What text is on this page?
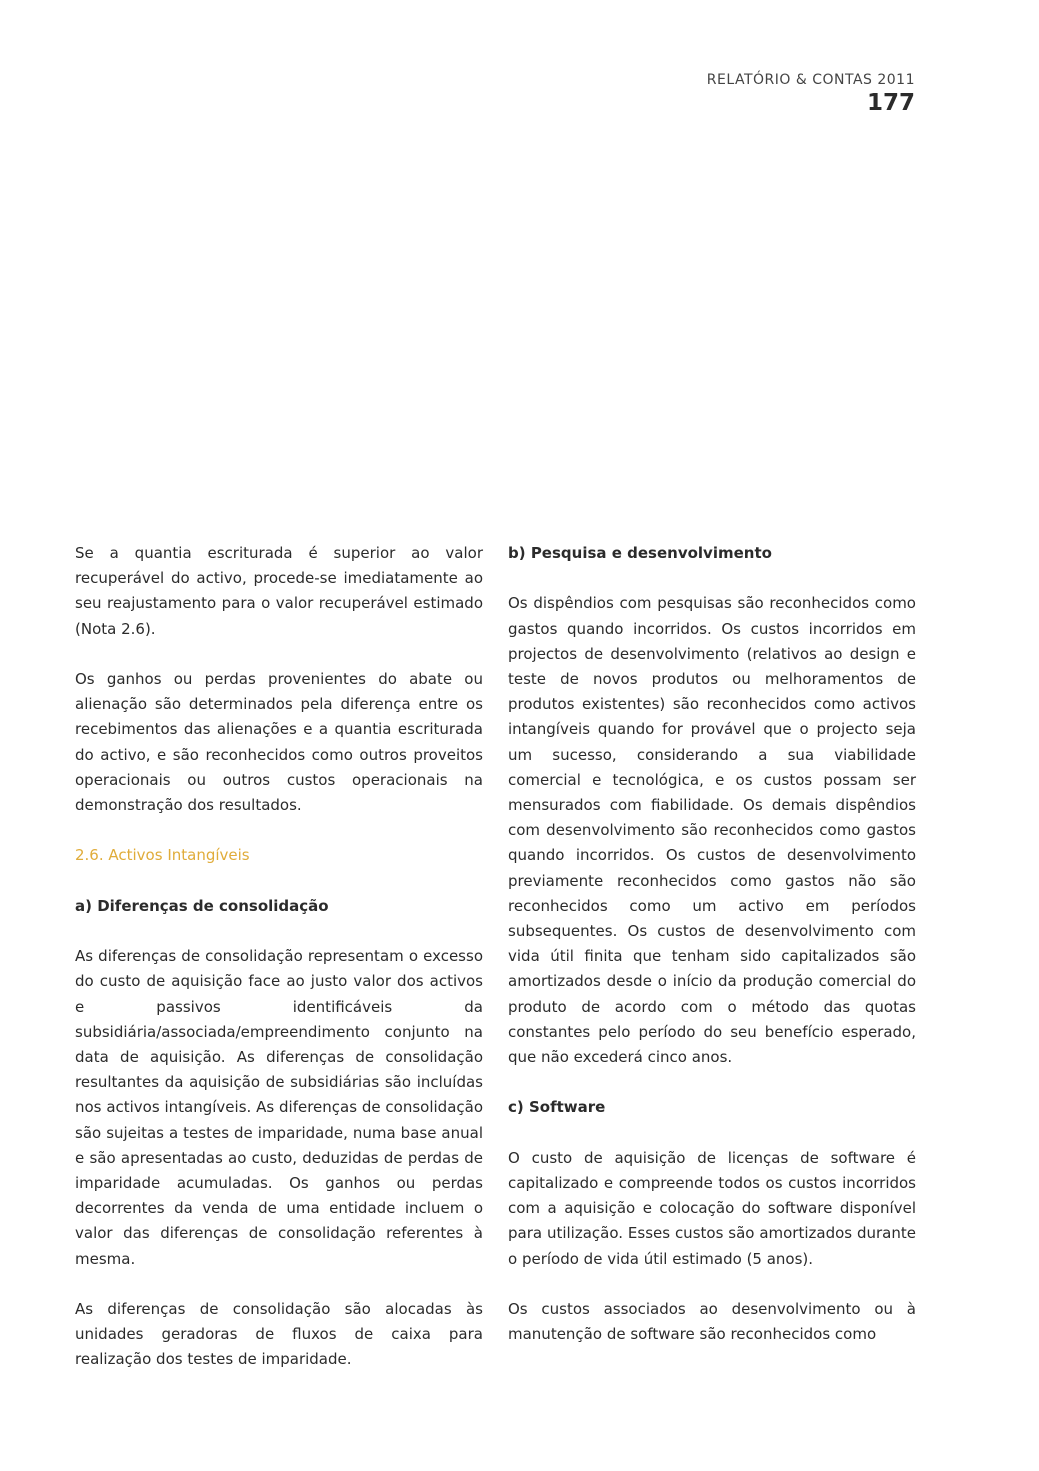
RELATÓRIO & CONTAS 2011
177

Se a quantia escriturada é superior ao valor recuperável do activo, procede-se imediatamente ao seu reajustamento para o valor recuperável estimado (Nota 2.6).

Os ganhos ou perdas provenientes do abate ou alienação são determinados pela diferença entre os recebimentos das alienações e a quantia escriturada do activo, e são reconhecidos como outros proveitos operacionais ou outros custos operacionais na demonstração dos resultados.

2.6. Activos Intangíveis
a) Diferenças de consolidação

As diferenças de consolidação representam o excesso do custo de aquisição face ao justo valor dos activos e passivos identificáveis da subsidiária/associada/empreendimento conjunto na data de aquisição. As diferenças de consolidação resultantes da aquisição de subsidiárias são incluídas nos activos intangíveis. As diferenças de consolidação são sujeitas a testes de imparidade, numa base anual e são apresentadas ao custo, deduzidas de perdas de imparidade acumuladas. Os ganhos ou perdas decorrentes da venda de uma entidade incluem o valor das diferenças de consolidação referentes à mesma.

As diferenças de consolidação são alocadas às unidades geradoras de fluxos de caixa para realização dos testes de imparidade.

b) Pesquisa e desenvolvimento

Os dispêndios com pesquisas são reconhecidos como gastos quando incorridos. Os custos incorridos em projectos de desenvolvimento (relativos ao design e teste de novos produtos ou melhoramentos de produtos existentes) são reconhecidos como activos intangíveis quando for provável que o projecto seja um sucesso, considerando a sua viabilidade comercial e tecnológica, e os custos possam ser mensurados com fiabilidade. Os demais dispêndios com desenvolvimento são reconhecidos como gastos quando incorridos. Os custos de desenvolvimento previamente reconhecidos como gastos não são reconhecidos como um activo em períodos subsequentes. Os custos de desenvolvimento com vida útil finita que tenham sido capitalizados são amortizados desde o início da produção comercial do produto de acordo com o método das quotas constantes pelo período do seu benefício esperado, que não excederá cinco anos.

c) Software

O custo de aquisição de licenças de software é capitalizado e compreende todos os custos incorridos com a aquisição e colocação do software disponível para utilização. Esses custos são amortizados durante o período de vida útil estimado (5 anos).

Os custos associados ao desenvolvimento ou à manutenção de software são reconhecidos como
